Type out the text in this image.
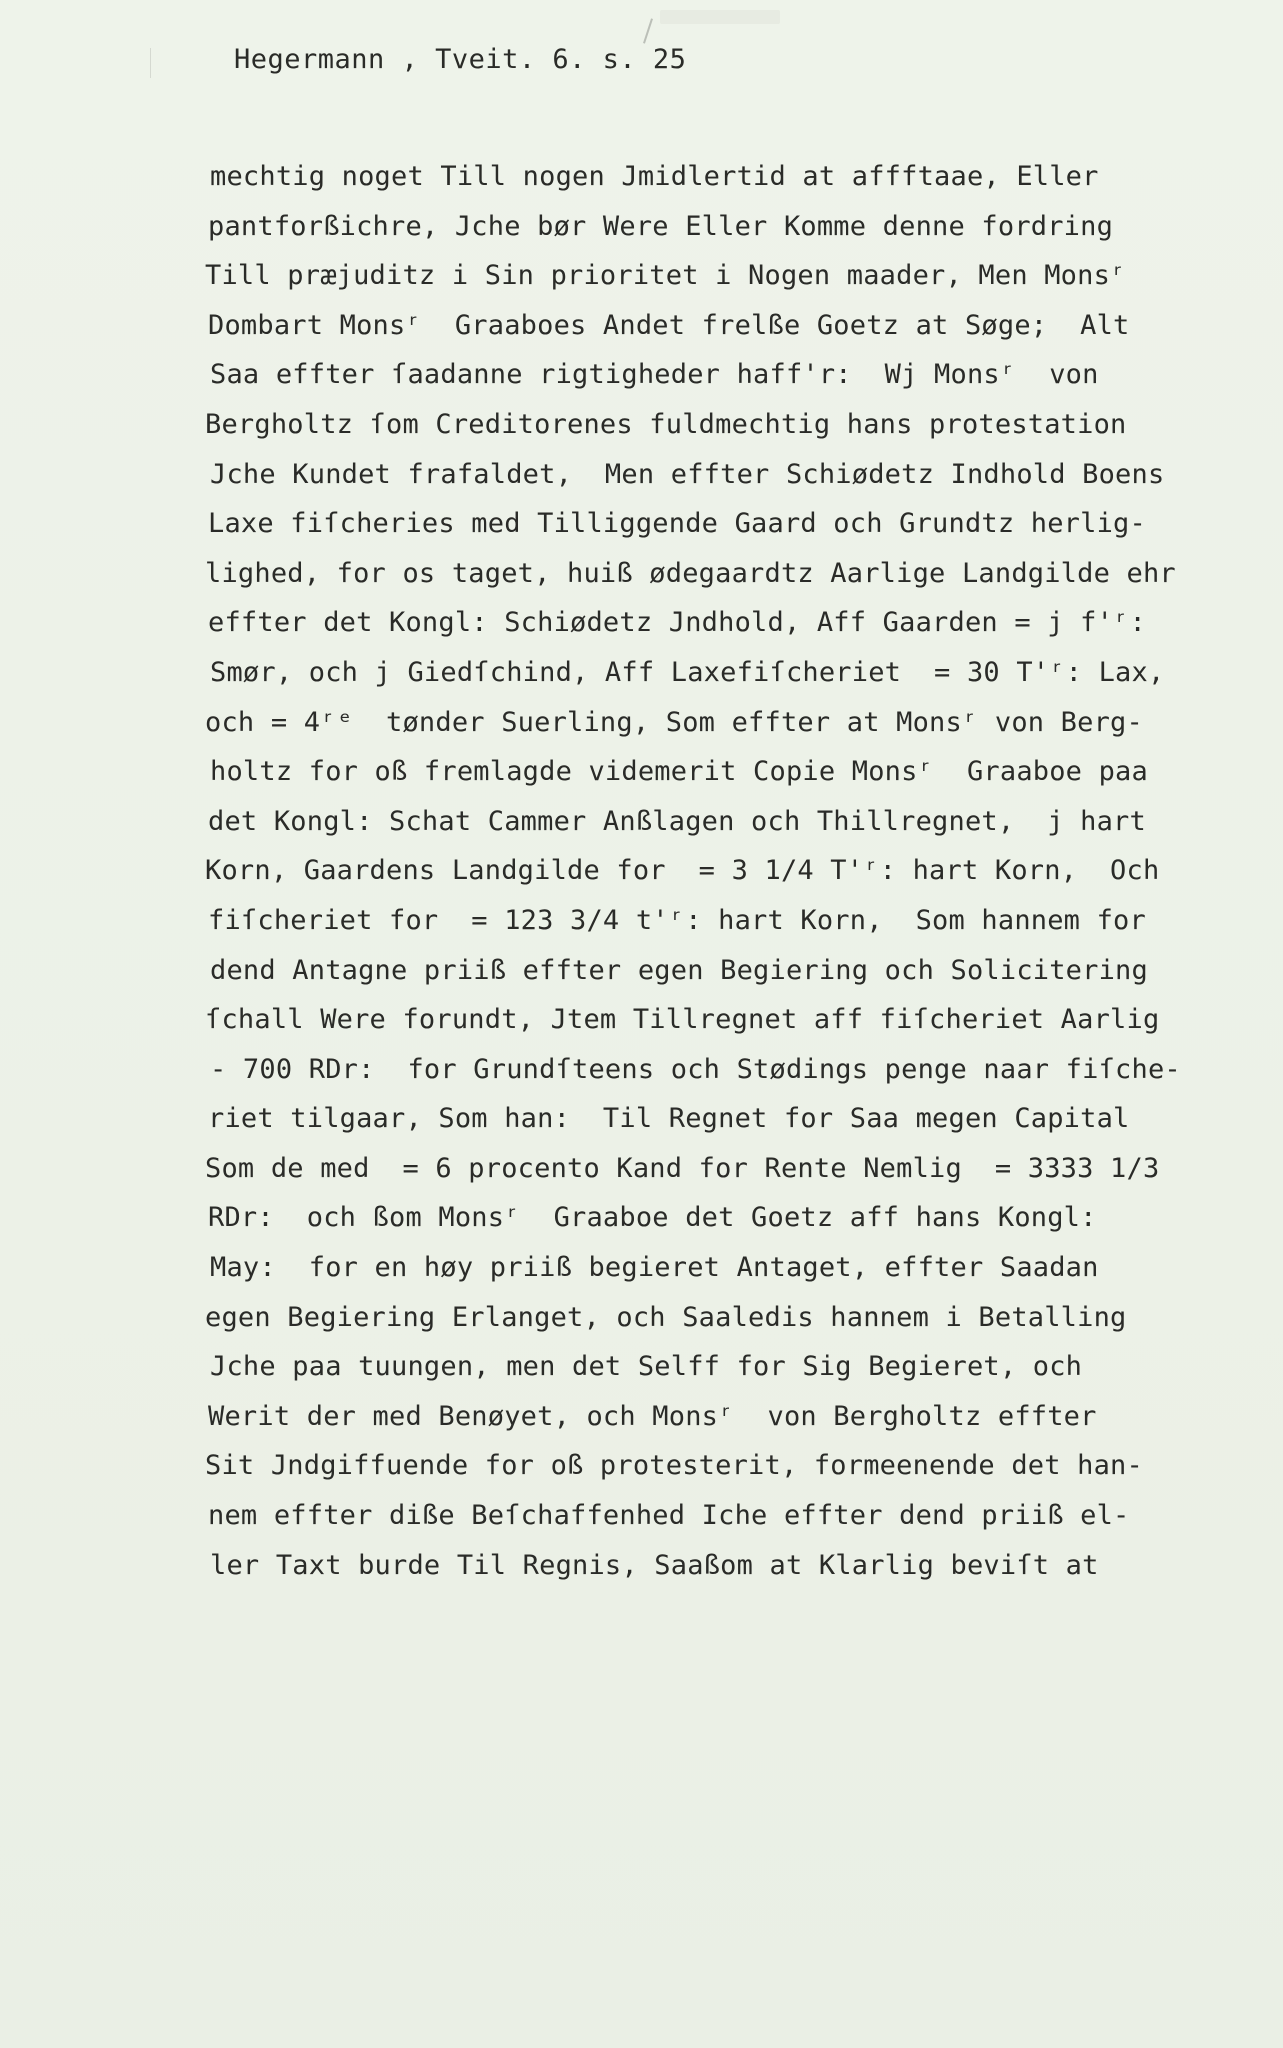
Hegermann , Tveit. 6. s. 25
mechtig noget Till nogen Jmidlertid at affftaae, Eller
pantforßichre, Jche bør Were Eller Komme denne fordring
Till præjuditz i Sin prioritet i Nogen maader, Men Monsʳ
Dombart Monsʳ  Graaboes Andet frelße Goetz at Søge;  Alt
Saa effter ſaadanne rigtigheder haff'r:  Wj Monsʳ  von
Bergholtz ſom Creditorenes fuldmechtig hans protestation
Jche Kundet frafaldet,  Men effter Schiødetz Indhold Boens
Laxe fiſcheries med Tilliggende Gaard och Grundtz herlig-
lighed, for os taget, huiß ødegaardtz Aarlige Landgilde ehr
effter det Kongl: Schiødetz Jndhold, Aff Gaarden = j f'ʳ:
Smør, och j Giedſchind, Aff Laxefiſcheriet  = 30 T'ʳ: Lax,
och = 4ʳᵉ  tønder Suerling, Som effter at Monsʳ von Berg-
holtz for oß fremlagde videmerit Copie Monsʳ  Graaboe paa
det Kongl: Schat Cammer Anßlagen och Thillregnet,  j hart
Korn, Gaardens Landgilde for  = 3 1/4 T'ʳ: hart Korn,  Och
fiſcheriet for  = 123 3/4 t'ʳ: hart Korn,  Som hannem for
dend Antagne priiß effter egen Begiering och Solicitering
ſchall Were forundt, Jtem Tillregnet aff fiſcheriet Aarlig
- 700 RDr:  for Grundſteens och Stødings penge naar fiſche-
riet tilgaar, Som han:  Til Regnet for Saa megen Capital
Som de med  = 6 procento Kand for Rente Nemlig  = 3333 1/3
RDr:  och ßom Monsʳ  Graaboe det Goetz aff hans Kongl:
May:  for en høy priiß begieret Antaget, effter Saadan
egen Begiering Erlanget, och Saaledis hannem i Betalling
Jche paa tuungen, men det Selff for Sig Begieret, och
Werit der med Benøyet, och Monsʳ  von Bergholtz effter
Sit Jndgiffuende for oß protesterit, formeenende det han-
nem effter diße Beſchaffenhed Iche effter dend priiß el-
ler Taxt burde Til Regnis, Saaßom at Klarlig beviſt at
